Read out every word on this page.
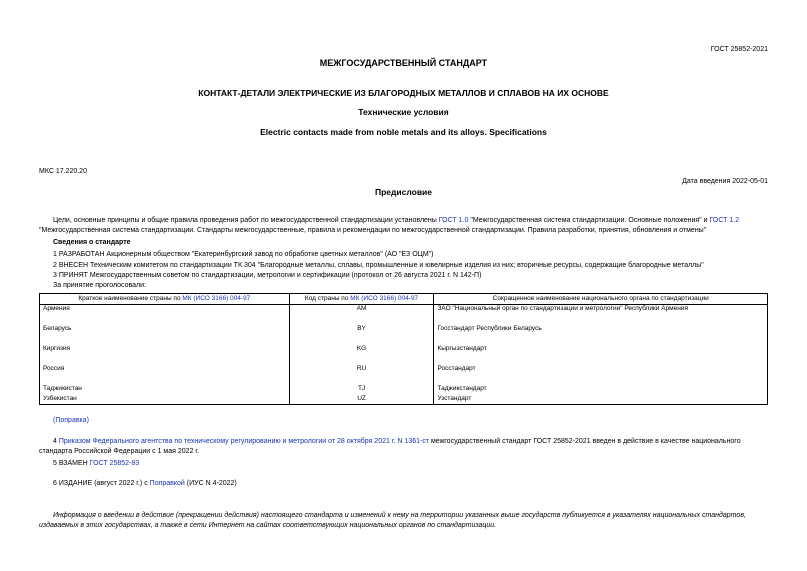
ГОСТ 25852-2021
МЕЖГОСУДАРСТВЕННЫЙ СТАНДАРТ
КОНТАКТ-ДЕТАЛИ ЭЛЕКТРИЧЕСКИЕ ИЗ БЛАГОРОДНЫХ МЕТАЛЛОВ И СПЛАВОВ НА ИХ ОСНОВЕ
Технические условия
Electric contacts made from noble metals and its alloys. Specifications
МКС 17.220.20
Дата введения 2022-05-01
Предисловие
Цели, основные принципы и общие правила проведения работ по межгосударственной стандартизации установлены ГОСТ 1.0 "Межгосударственная система стандартизации. Основные положения" и ГОСТ 1.2 "Межгосударственная система стандартизации. Стандарты межгосударственные, правила и рекомендации по межгосударственной стандартизации. Правила разработки, принятия, обновления и отмены"
Сведения о стандарте
1 РАЗРАБОТАН Акционерным обществом "Екатеринбургский завод по обработке цветных металлов" (АО "ЕЗ ОЦМ")
2 ВНЕСЕН Техническим комитетом по стандартизации ТК 304 "Благородные металлы, сплавы, промышленные и ювелирные изделия из них; вторичные ресурсы, содержащие благородные металлы"
3 ПРИНЯТ Межгосударственным советом по стандартизации, метрологии и сертификации (протокол от 26 августа 2021 г. N 142-П)
За принятие проголосовали:
Краткое наименование страны по МК (ИСО 3166) 004-97	Код страны по МК (ИСО 3166) 004-97	Сокращенное наименование национального органа по стандартизации
Армения	AM	ЗАО "Национальный орган по стандартизации и метрологии" Республики Армения
Беларусь	BY	Госстандарт Республики Беларусь
Киргизия	KG	Кыргызстандарт
Россия	RU	Росстандарт
Таджикистан	TJ	Таджикстандарт
Узбекистан	UZ	Узстандарт
(Поправка)
4 Приказом Федерального агентства по техническому регулированию и метрологии от 28 октября 2021 г. N 1361-ст межгосударственный стандарт ГОСТ 25852-2021 введен в действие в качестве национального стандарта Российской Федерации с 1 мая 2022 г.
5 ВЗАМЕН ГОСТ 25852-83
6 ИЗДАНИЕ (август 2022 г.) с Поправкой (ИУС N 4-2022)
Информация о введении в действие (прекращении действия) настоящего стандарта и изменений к нему на территории указанных выше государств публикуется в указателях национальных стандартов, издаваемых в этих государствах, а также в сети Интернет на сайтах соответствующих национальных органов по стандартизации.
